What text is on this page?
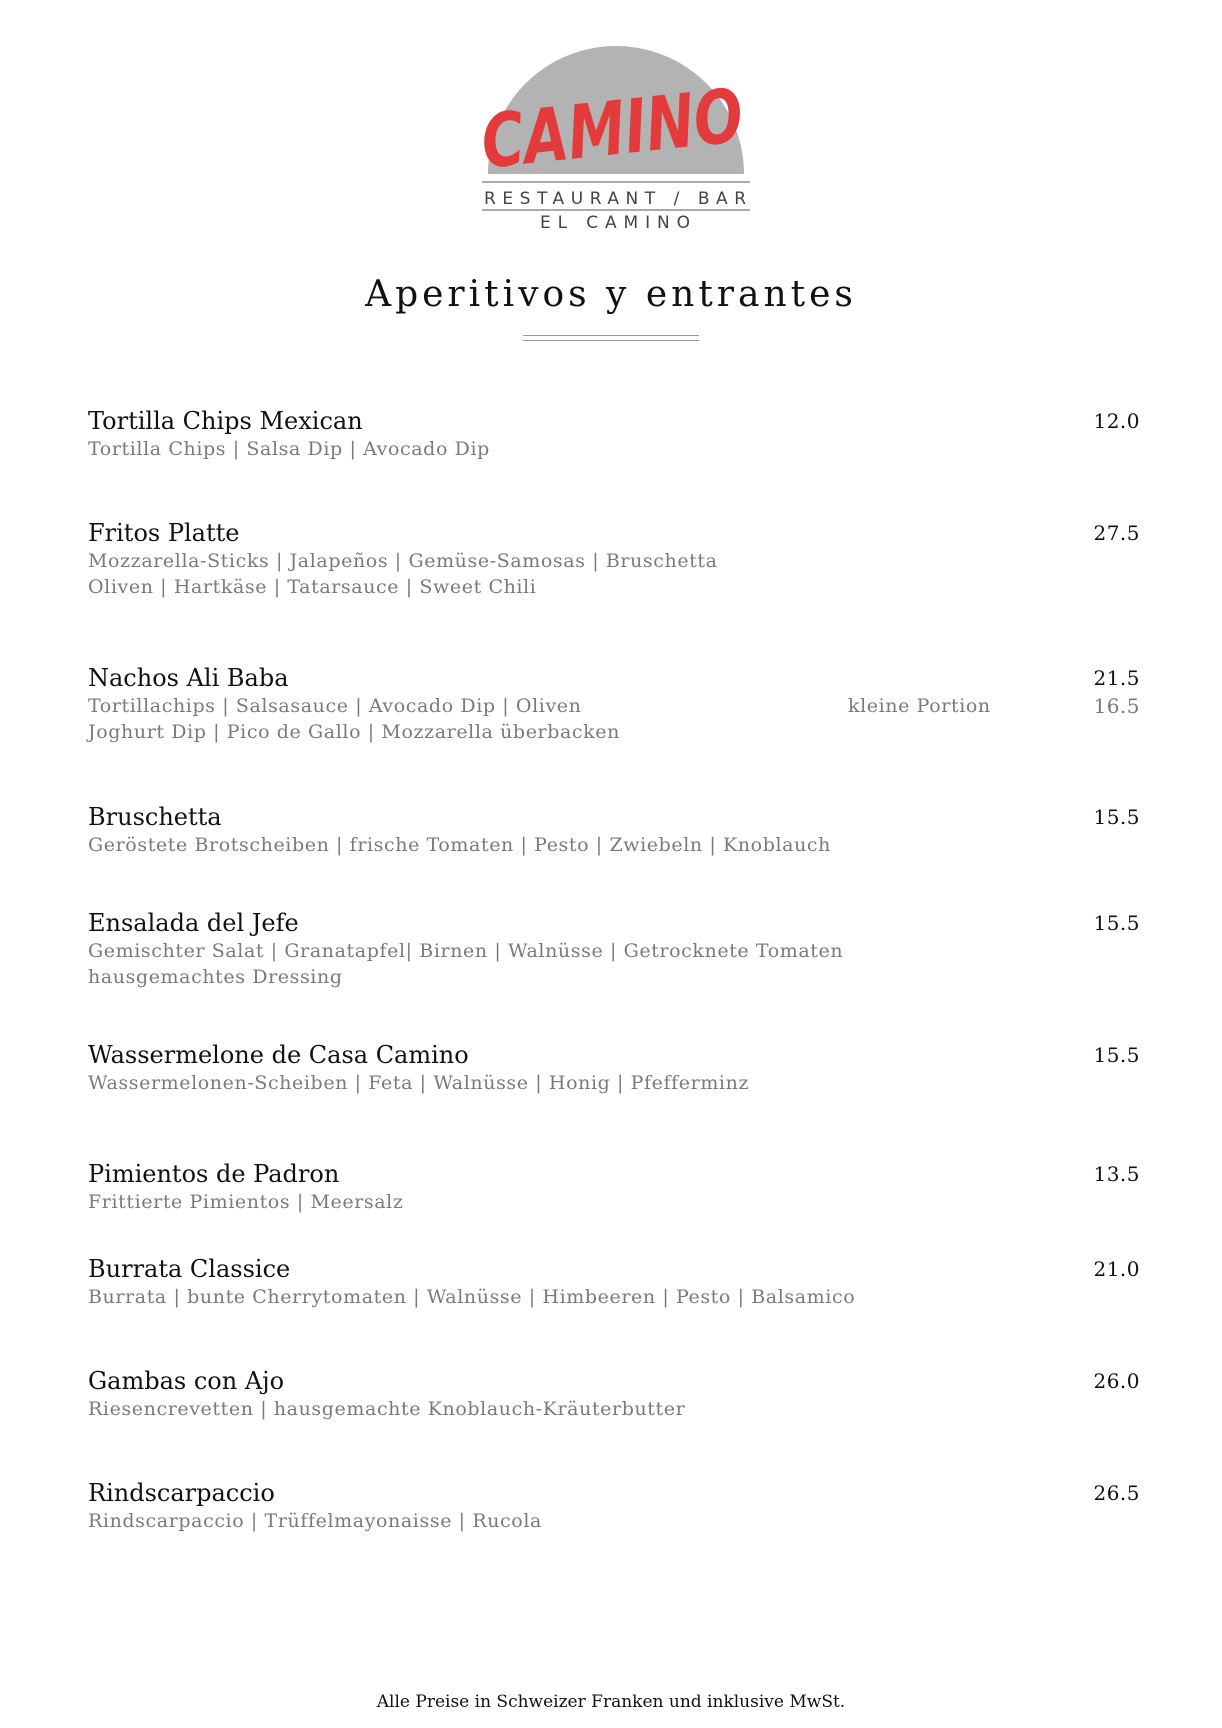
CAMINO
RESTAURANT / BAR
EL CAMINO
Aperitivos y entrantes
Tortilla Chips Mexican
Tortilla Chips | Salsa Dip | Avocado Dip
12.0
Fritos Platte
Mozzarella-Sticks | Jalapeños | Gemüse-Samosas | Bruschetta
Oliven | Hartkäse | Tatarsauce | Sweet Chili
27.5
Nachos Ali Baba
Tortillachips | Salsasauce | Avocado Dip | Oliven
Joghurt Dip | Pico de Gallo | Mozzarella überbacken
21.5
kleine Portion	16.5
Bruschetta
Geröstete Brotscheiben | frische Tomaten | Pesto | Zwiebeln | Knoblauch
15.5
Ensalada del Jefe
Gemischter Salat | Granatapfel| Birnen | Walnüsse | Getrocknete Tomaten
hausgemachtes Dressing
15.5
Wassermelone de Casa Camino
Wassermelonen-Scheiben | Feta | Walnüsse | Honig | Pfefferminz
15.5
Pimientos de Padron
Frittierte Pimientos | Meersalz
13.5
Burrata Classice
Burrata | bunte Cherrytomaten | Walnüsse | Himbeeren | Pesto | Balsamico
21.0
Gambas con Ajo
Riesencrevetten | hausgemachte Knoblauch-Kräuterbutter
26.0
Rindscarpaccio
Rindscarpaccio | Trüffelmayonaisse | Rucola
26.5
Alle Preise in Schweizer Franken und inklusive MwSt.
